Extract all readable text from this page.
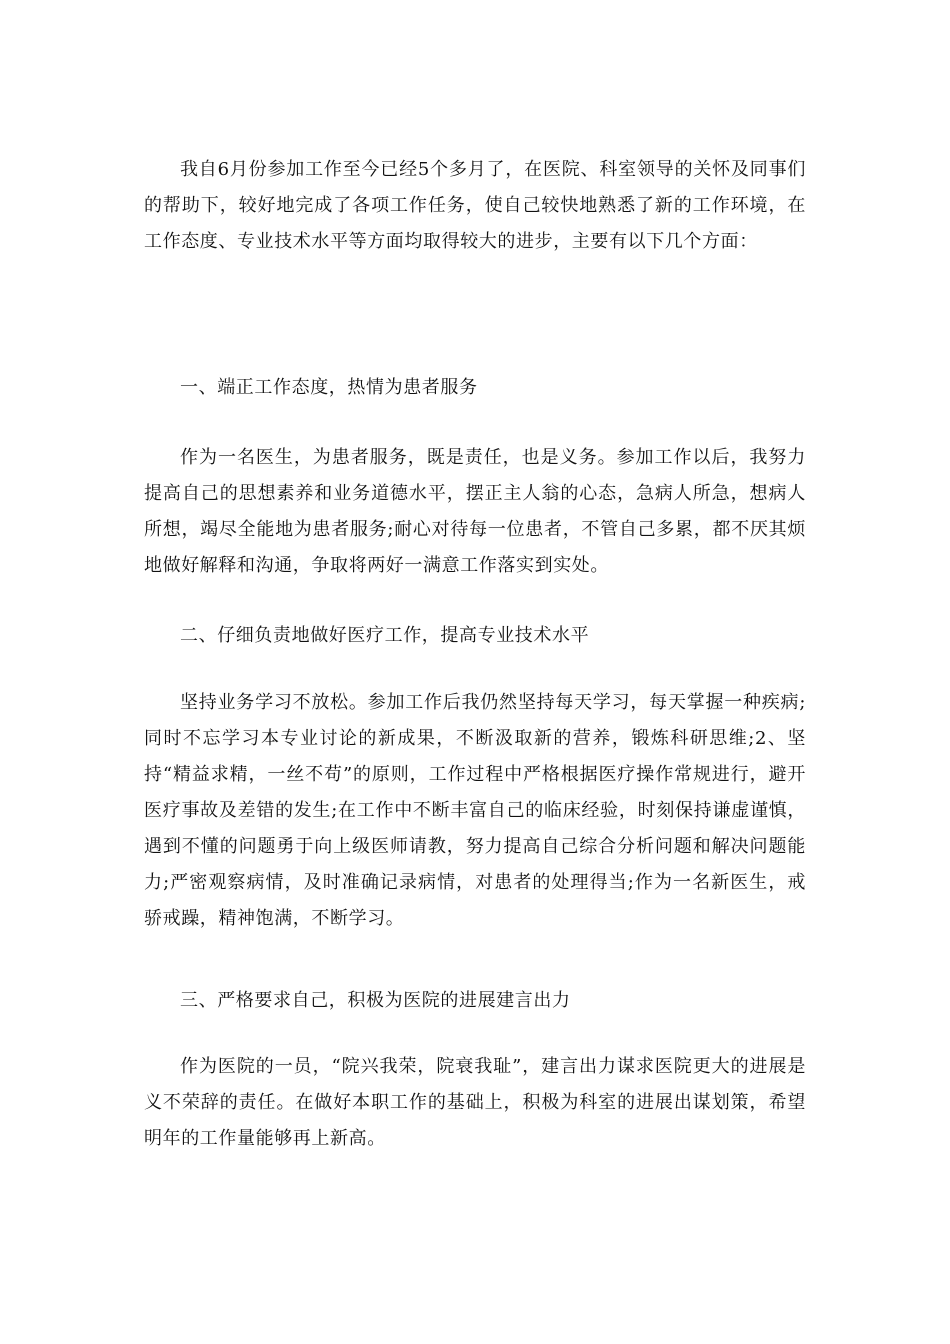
我自6月份参加工作至今已经5个多月了，在医院、科室领导的关怀及同事们的帮助下，较好地完成了各项工作任务，使自己较快地熟悉了新的工作环境，在工作态度、专业技术水平等方面均取得较大的进步，主要有以下几个方面：

一、端正工作态度，热情为患者服务

作为一名医生，为患者服务，既是责任，也是义务。参加工作以后，我努力提高自己的思想素养和业务道德水平，摆正主人翁的心态，急病人所急，想病人所想，竭尽全能地为患者服务;耐心对待每一位患者，不管自己多累，都不厌其烦地做好解释和沟通，争取将两好一满意工作落实到实处。

二、仔细负责地做好医疗工作，提高专业技术水平

坚持业务学习不放松。参加工作后我仍然坚持每天学习，每天掌握一种疾病;同时不忘学习本专业讨论的新成果，不断汲取新的营养，锻炼科研思维;2、坚持“精益求精，一丝不苟”的原则，工作过程中严格根据医疗操作常规进行，避开医疗事故及差错的发生;在工作中不断丰富自己的临床经验，时刻保持谦虚谨慎，遇到不懂的问题勇于向上级医师请教，努力提高自己综合分析问题和解决问题能力;严密观察病情，及时准确记录病情，对患者的处理得当;作为一名新医生，戒骄戒躁，精神饱满，不断学习。

三、严格要求自己，积极为医院的进展建言出力

作为医院的一员，“院兴我荣，院衰我耻”，建言出力谋求医院更大的进展是义不荣辞的责任。在做好本职工作的基础上，积极为科室的进展出谋划策，希望明年的工作量能够再上新高。
